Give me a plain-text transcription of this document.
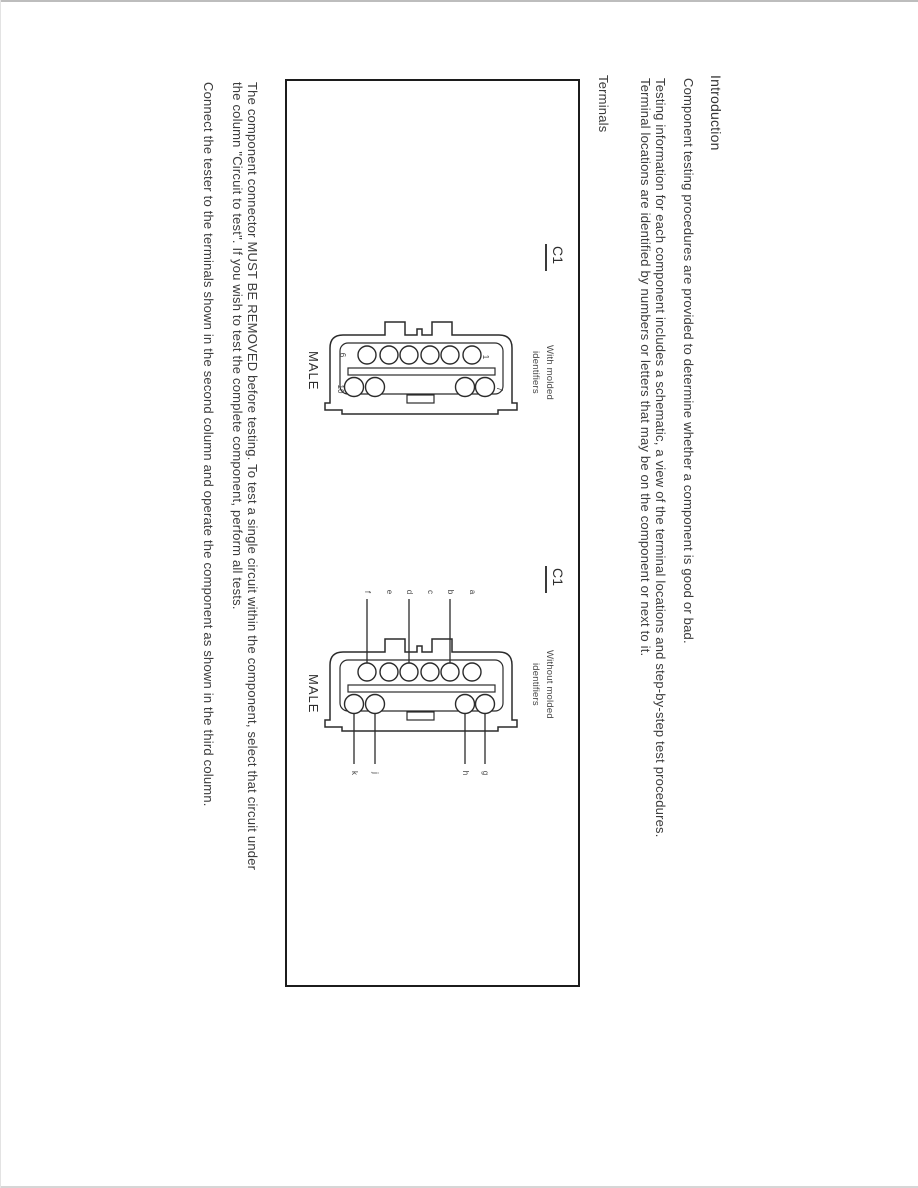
Introduction
Component testing procedures are provided to determine whether a component is good or bad.
Testing information for each component includes a schematic, a view of the terminal locations and step-by-step test procedures.
Terminal locations are identified by numbers or letters that may be on the component or next to it.
Terminals
C1
With molded
identifiers
MALE 6	1
10	7
C1
Without molded
identifiers
MALE
f e d c b a
k j	h g
The component connector MUST BE REMOVED before testing. To test a single circuit within the component, select that circuit under
the column "Circuit to test". If you wish to test the complete component, perform all tests.
Connect the tester to the terminals shown in the second column and operate the component as shown in the third column.
